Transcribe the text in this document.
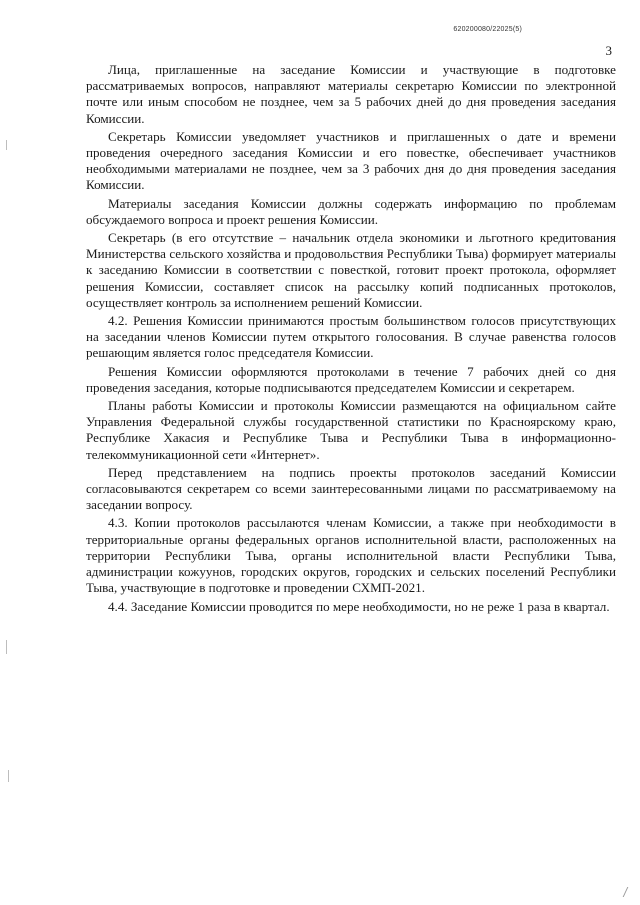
620200080/22025(5)
3

Лица, приглашенные на заседание Комиссии и участвующие в подготовке рассматриваемых вопросов, направляют материалы секретарю Комиссии по электронной почте или иным способом не позднее, чем за 5 рабочих дней до дня проведения заседания Комиссии.

Секретарь Комиссии уведомляет участников и приглашенных о дате и времени проведения очередного заседания Комиссии и его повестке, обеспечивает участников необходимыми материалами не позднее, чем за 3 рабочих дня до дня проведения заседания Комиссии.

Материалы заседания Комиссии должны содержать информацию по проблемам обсуждаемого вопроса и проект решения Комиссии.

Секретарь (в его отсутствие – начальник отдела экономики и льготного кредитования Министерства сельского хозяйства и продовольствия Республики Тыва) формирует материалы к заседанию Комиссии в соответствии с повесткой, готовит проект протокола, оформляет решения Комиссии, составляет список на рассылку копий подписанных протоколов, осуществляет контроль за исполнением решений Комиссии.

4.2. Решения Комиссии принимаются простым большинством голосов присутствующих на заседании членов Комиссии путем открытого голосования. В случае равенства голосов решающим является голос председателя Комиссии.

Решения Комиссии оформляются протоколами в течение 7 рабочих дней со дня проведения заседания, которые подписываются председателем Комиссии и секретарем.

Планы работы Комиссии и протоколы Комиссии размещаются на официальном сайте Управления Федеральной службы государственной статистики по Красноярскому краю, Республике Хакасия и Республике Тыва и Республики Тыва в информационно-телекоммуникационной сети «Интернет».

Перед представлением на подпись проекты протоколов заседаний Комиссии согласовываются секретарем со всеми заинтересованными лицами по рассматриваемому на заседании вопросу.

4.3. Копии протоколов рассылаются членам Комиссии, а также при необходимости в территориальные органы федеральных органов исполнительной власти, расположенных на территории Республики Тыва, органы исполнительной власти Республики Тыва, администрации кожуунов, городских округов, городских и сельских поселений Республики Тыва, участвующие в подготовке и проведении СХМП-2021.

4.4. Заседание Комиссии проводится по мере необходимости, но не реже 1 раза в квартал.
